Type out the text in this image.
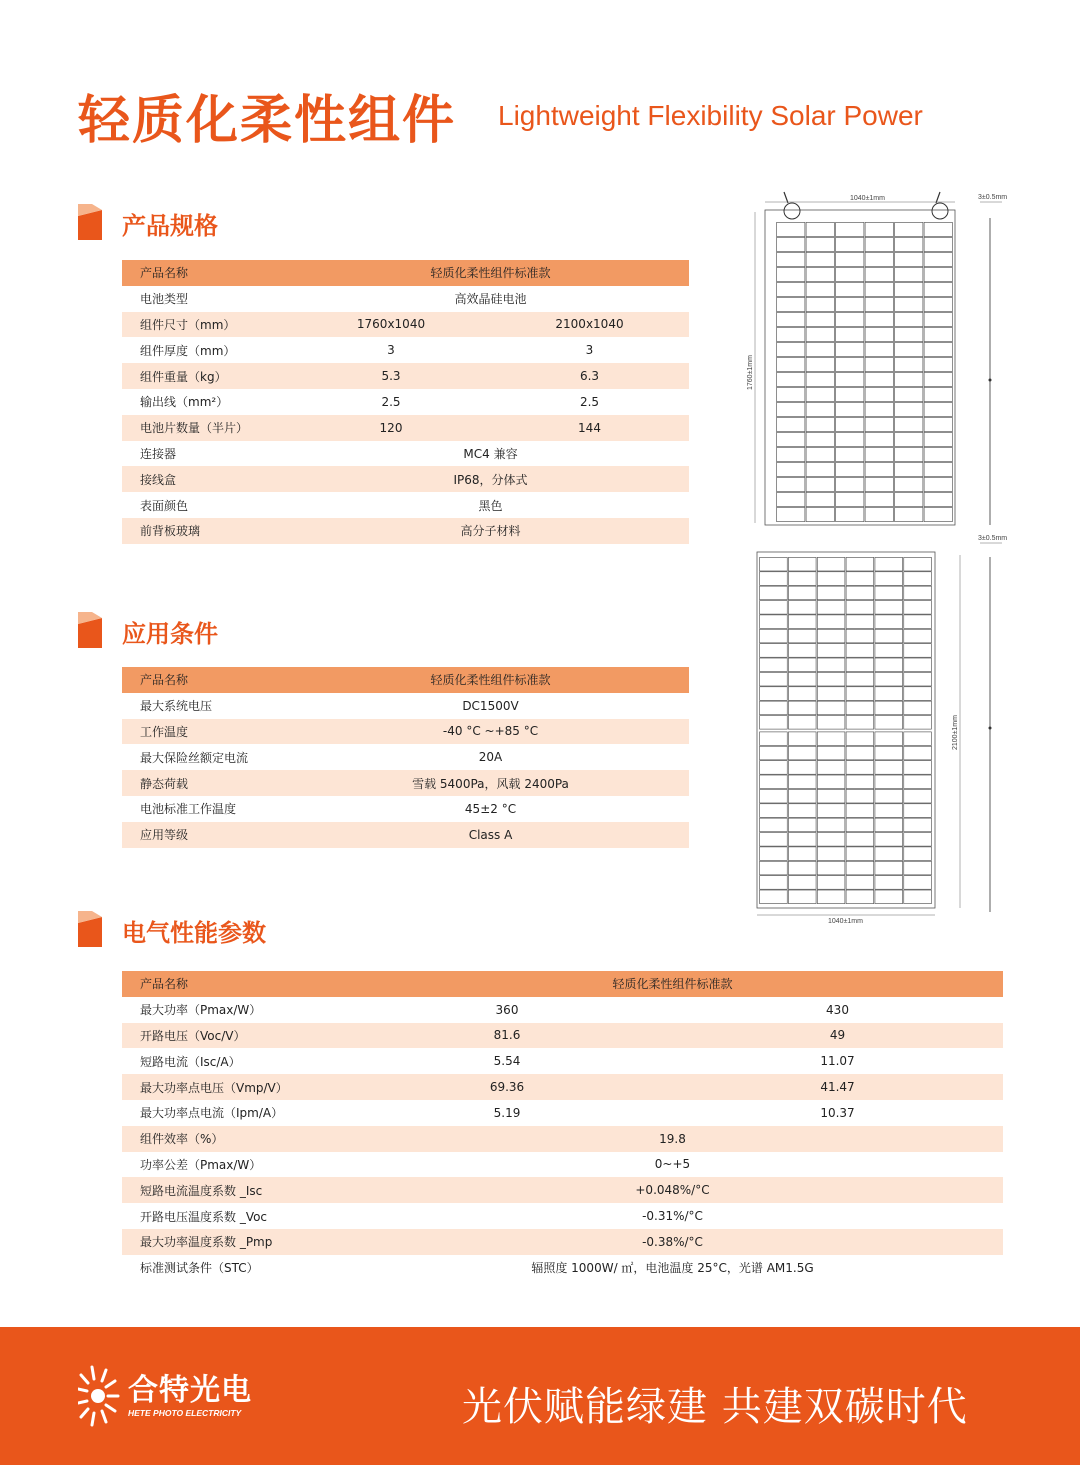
轻质化柔性组件 Lightweight Flexibility Solar Power
产品规格
产品名称	轻质化柔性组件标准款	
电池类型	高效晶硅电池	
组件尺寸（mm）	1760x1040	2100x1040
组件厚度（mm）	3	3
组件重量（kg）	5.3	6.3
输出线（mm²）	2.5	2.5
电池片数量（半片）	120	144
连接器	MC4 兼容	
接线盒	IP68，分体式	
表面颜色	黑色	
前背板玻璃	高分子材料	
应用条件
产品名称	轻质化柔性组件标准款
最大系统电压	DC1500V
工作温度	-40 °C ~+85 °C
最大保险丝额定电流	20A
静态荷载	雪载 5400Pa，风载 2400Pa
电池标准工作温度	45±2 °C
应用等级	Class A
电气性能参数
产品名称	轻质化柔性组件标准款	
最大功率（Pmax/W）	360	430
开路电压（Voc/V）	81.6	49
短路电流（Isc/A）	5.54	11.07
最大功率点电压（Vmp/V）	69.36	41.47
最大功率点电流（Ipm/A）	5.19	10.37
组件效率（%）	19.8	
功率公差（Pmax/W）	0~+5	
短路电流温度系数 _Isc	+0.048%/°C	
开路电压温度系数 _Voc	-0.31%/°C	
最大功率温度系数 _Pmp	-0.38%/°C	
标准测试条件（STC）	辐照度 1000W/ ㎡，电池温度 25°C，光谱 AM1.5G	
1040±1mm
1760±1mm
3±0.5mm
3±0.5mm
2100±1mm
1040±1mm
合特光电
HETE PHOTO ELECTRICITY	光伏赋能绿建 共建双碳时代
